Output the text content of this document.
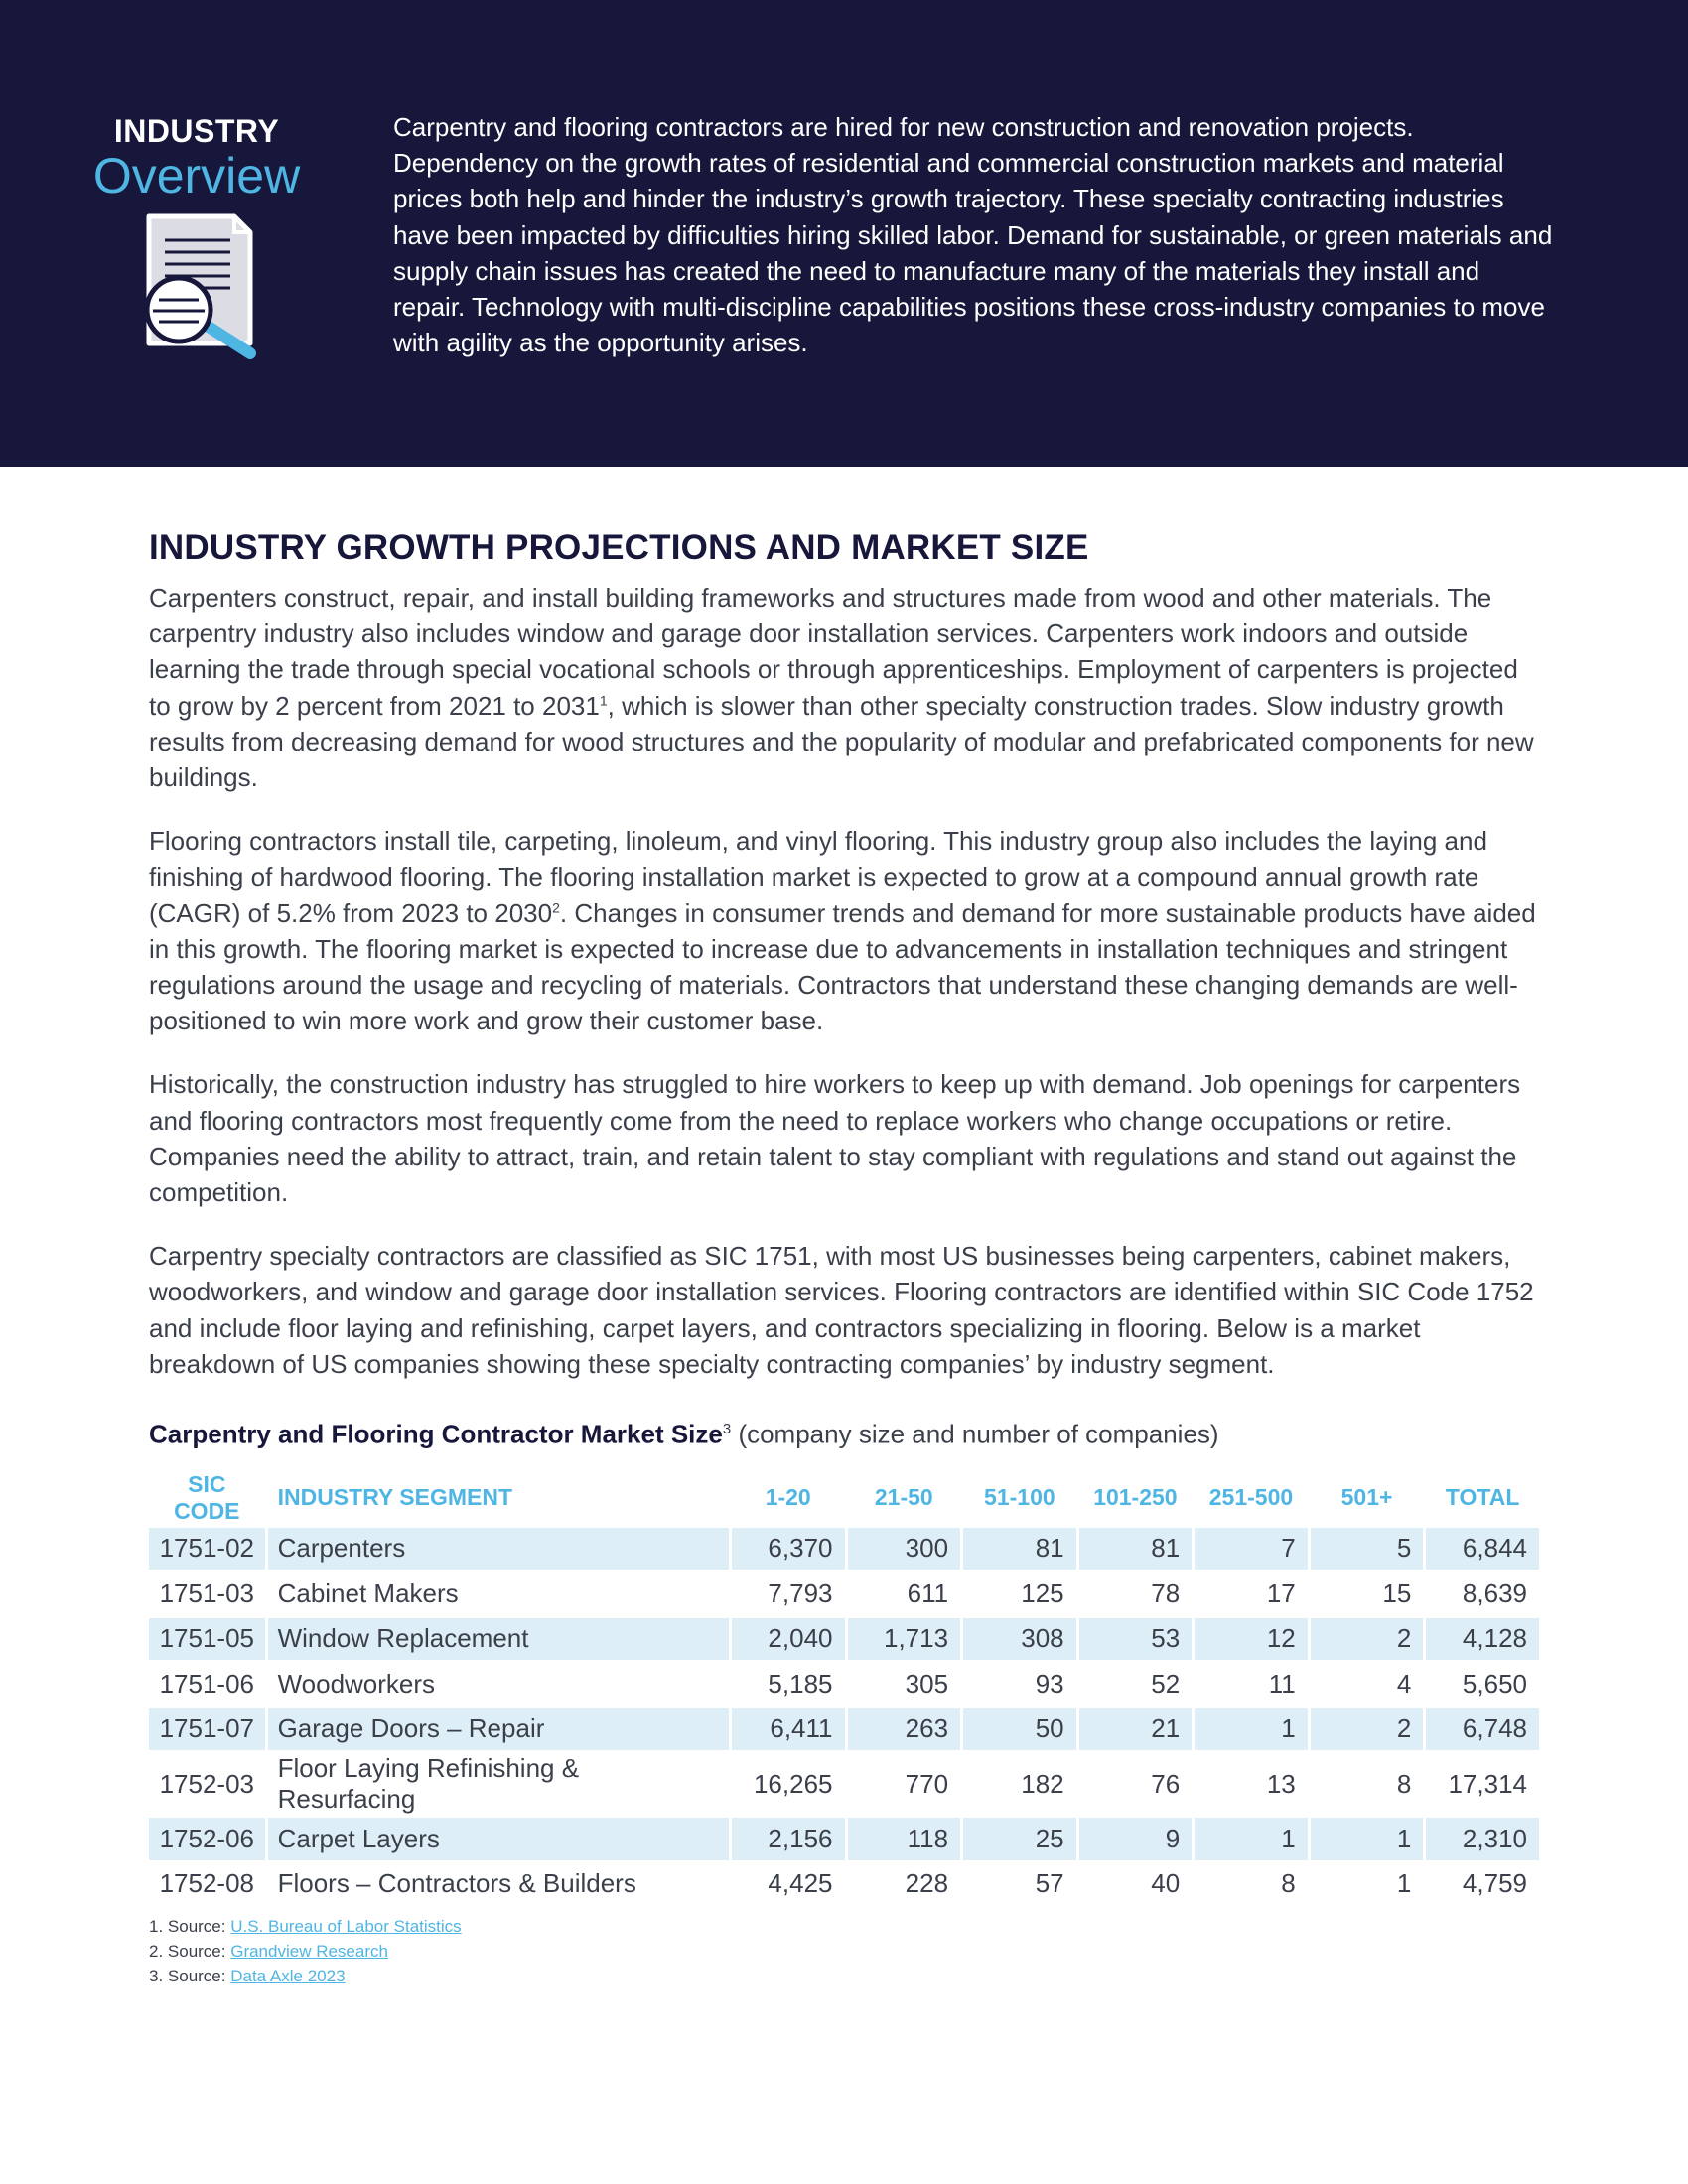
INDUSTRY
Overview

Carpentry and flooring contractors are hired for new construction and renovation projects. Dependency on the growth rates of residential and commercial construction markets and material prices both help and hinder the industry’s growth trajectory. These specialty contracting industries have been impacted by difficulties hiring skilled labor. Demand for sustainable, or green materials and supply chain issues has created the need to manufacture many of the materials they install and repair. Technology with multi-discipline capabilities positions these cross-industry companies to move with agility as the opportunity arises.

INDUSTRY GROWTH PROJECTIONS AND MARKET SIZE

Carpenters construct, repair, and install building frameworks and structures made from wood and other materials. The carpentry industry also includes window and garage door installation services. Carpenters work indoors and outside learning the trade through special vocational schools or through apprenticeships. Employment of carpenters is projected to grow by 2 percent from 2021 to 2031$^1$, which is slower than other specialty construction trades. Slow industry growth results from decreasing demand for wood structures and the popularity of modular and prefabricated components for new buildings.

Flooring contractors install tile, carpeting, linoleum, and vinyl flooring. This industry group also includes the laying and finishing of hardwood flooring. The flooring installation market is expected to grow at a compound annual growth rate (CAGR) of 5.2% from 2023 to 2030$^2$. Changes in consumer trends and demand for more sustainable products have aided in this growth. The flooring market is expected to increase due to advancements in installation techniques and stringent regulations around the usage and recycling of materials. Contractors that understand these changing demands are well-positioned to win more work and grow their customer base.

Historically, the construction industry has struggled to hire workers to keep up with demand. Job openings for carpenters and flooring contractors most frequently come from the need to replace workers who change occupations or retire. Companies need the ability to attract, train, and retain talent to stay compliant with regulations and stand out against the competition.

Carpentry specialty contractors are classified as SIC 1751, with most US businesses being carpenters, cabinet makers, woodworkers, and window and garage door installation services. Flooring contractors are identified within SIC Code 1752 and include floor laying and refinishing, carpet layers, and contractors specializing in flooring. Below is a market breakdown of US companies showing these specialty contracting companies’ by industry segment.

Carpentry and Flooring Contractor Market Size$^3$ (company size and number of companies)
SIC CODE	INDUSTRY SEGMENT	1-20	21-50	51-100	101-250	251-500	501+	TOTAL
1751-02	Carpenters	6,370	300	81	81	7	5	6,844
1751-03	Cabinet Makers	7,793	611	125	78	17	15	8,639
1751-05	Window Replacement	2,040	1,713	308	53	12	2	4,128
1751-06	Woodworkers	5,185	305	93	52	11	4	5,650
1751-07	Garage Doors – Repair	6,411	263	50	21	1	2	6,748
1752-03	Floor Laying Refinishing & Resurfacing	16,265	770	182	76	13	8	17,314
1752-06	Carpet Layers	2,156	118	25	9	1	1	2,310
1752-08	Floors – Contractors & Builders	4,425	228	57	40	8	1	4,759
1. Source: U.S. Bureau of Labor Statistics
2. Source: Grandview Research
3. Source: Data Axle 2023
